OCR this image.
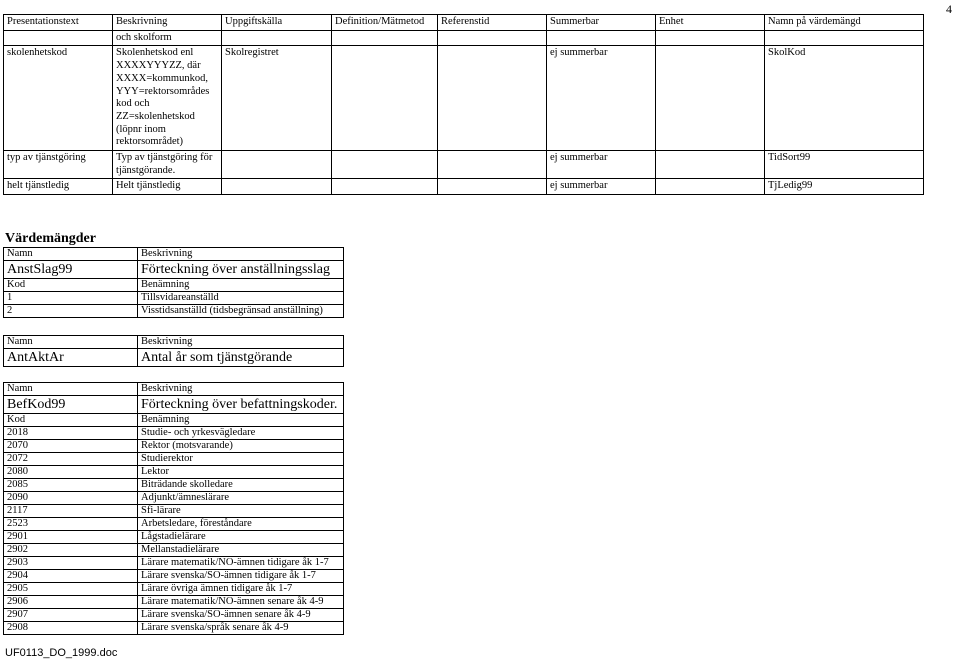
4
Presentationstext	Beskrivning	Uppgiftskälla	Definition/Mätmetod	Referenstid	Summerbar	Enhet	Namn på värdemängd
	och skolform						
skolenhetskod	Skolenhetskod enl XXXXYYYZZ, där XXXX=kommunkod, YYY=rektorsområdes kod och ZZ=skolenhetskod (löpnr inom rektorsområdet)	Skolregistret			ej summerbar		SkolKod
typ av tjänstgöring	Typ av tjänstgöring för tjänstgörande.				ej summerbar		TidSort99
helt tjänstledig	Helt tjänstledig				ej summerbar		TjLedig99
Värdemängder
Namn	Beskrivning
AnstSlag99	Förteckning över anställningsslag
Kod	Benämning
1	Tillsvidareanställd
2	Visstidsanställd (tidsbegränsad anställning)
Namn	Beskrivning
AntAktAr	Antal år som tjänstgörande
Namn	Beskrivning
BefKod99	Förteckning över befattningskoder.
Kod	Benämning
2018	Studie- och yrkesvägledare
2070	Rektor (motsvarande)
2072	Studierektor
2080	Lektor
2085	Biträdande skolledare
2090	Adjunkt/ämneslärare
2117	Sfi-lärare
2523	Arbetsledare, föreståndare
2901	Lågstadielärare
2902	Mellanstadielärare
2903	Lärare matematik/NO-ämnen tidigare åk 1-7
2904	Lärare svenska/SO-ämnen tidigare åk 1-7
2905	Lärare övriga ämnen tidigare åk 1-7
2906	Lärare matematik/NO-ämnen senare åk 4-9
2907	Lärare svenska/SO-ämnen senare åk 4-9
2908	Lärare svenska/språk senare åk 4-9
UF0113_DO_1999.doc
